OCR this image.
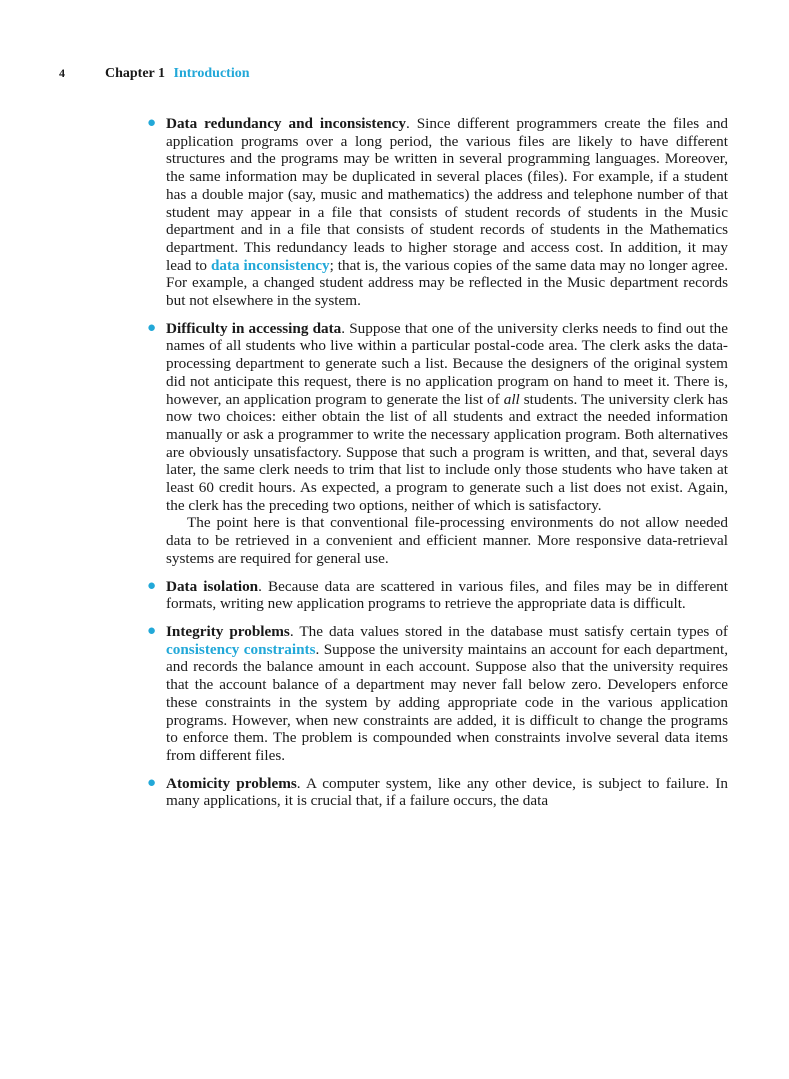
4	Chapter 1 Introduction
● Data redundancy and inconsistency. Since different programmers create the files and application programs over a long period, the various files are likely to have different structures and the programs may be written in several programming languages. Moreover, the same information may be duplicated in several places (files). For example, if a student has a double major (say, music and mathematics) the address and telephone number of that student may appear in a file that consists of student records of students in the Music department and in a file that consists of student records of students in the Mathematics department. This redundancy leads to higher storage and access cost. In addition, it may lead to data inconsistency; that is, the various copies of the same data may no longer agree. For example, a changed student address may be reflected in the Music department records but not elsewhere in the system.

● Difficulty in accessing data. Suppose that one of the university clerks needs to find out the names of all students who live within a particular postal-code area. The clerk asks the data-processing department to generate such a list. Because the designers of the original system did not anticipate this request, there is no application program on hand to meet it. There is, however, an application program to generate the list of all students. The university clerk has now two choices: either obtain the list of all students and extract the needed information manually or ask a programmer to write the necessary application program. Both alternatives are obviously unsatisfactory. Suppose that such a program is written, and that, several days later, the same clerk needs to trim that list to include only those students who have taken at least 60 credit hours. As expected, a program to generate such a list does not exist. Again, the clerk has the preceding two options, neither of which is satisfactory.

The point here is that conventional file-processing environments do not allow needed data to be retrieved in a convenient and efficient manner. More responsive data-retrieval systems are required for general use.

● Data isolation. Because data are scattered in various files, and files may be in different formats, writing new application programs to retrieve the appropriate data is difficult.

● Integrity problems. The data values stored in the database must satisfy certain types of consistency constraints. Suppose the university maintains an account for each department, and records the balance amount in each account. Suppose also that the university requires that the account balance of a department may never fall below zero. Developers enforce these constraints in the system by adding appropriate code in the various application programs. However, when new constraints are added, it is difficult to change the programs to enforce them. The problem is compounded when constraints involve several data items from different files.

● Atomicity problems. A computer system, like any other device, is subject to failure. In many applications, it is crucial that, if a failure occurs, the data
